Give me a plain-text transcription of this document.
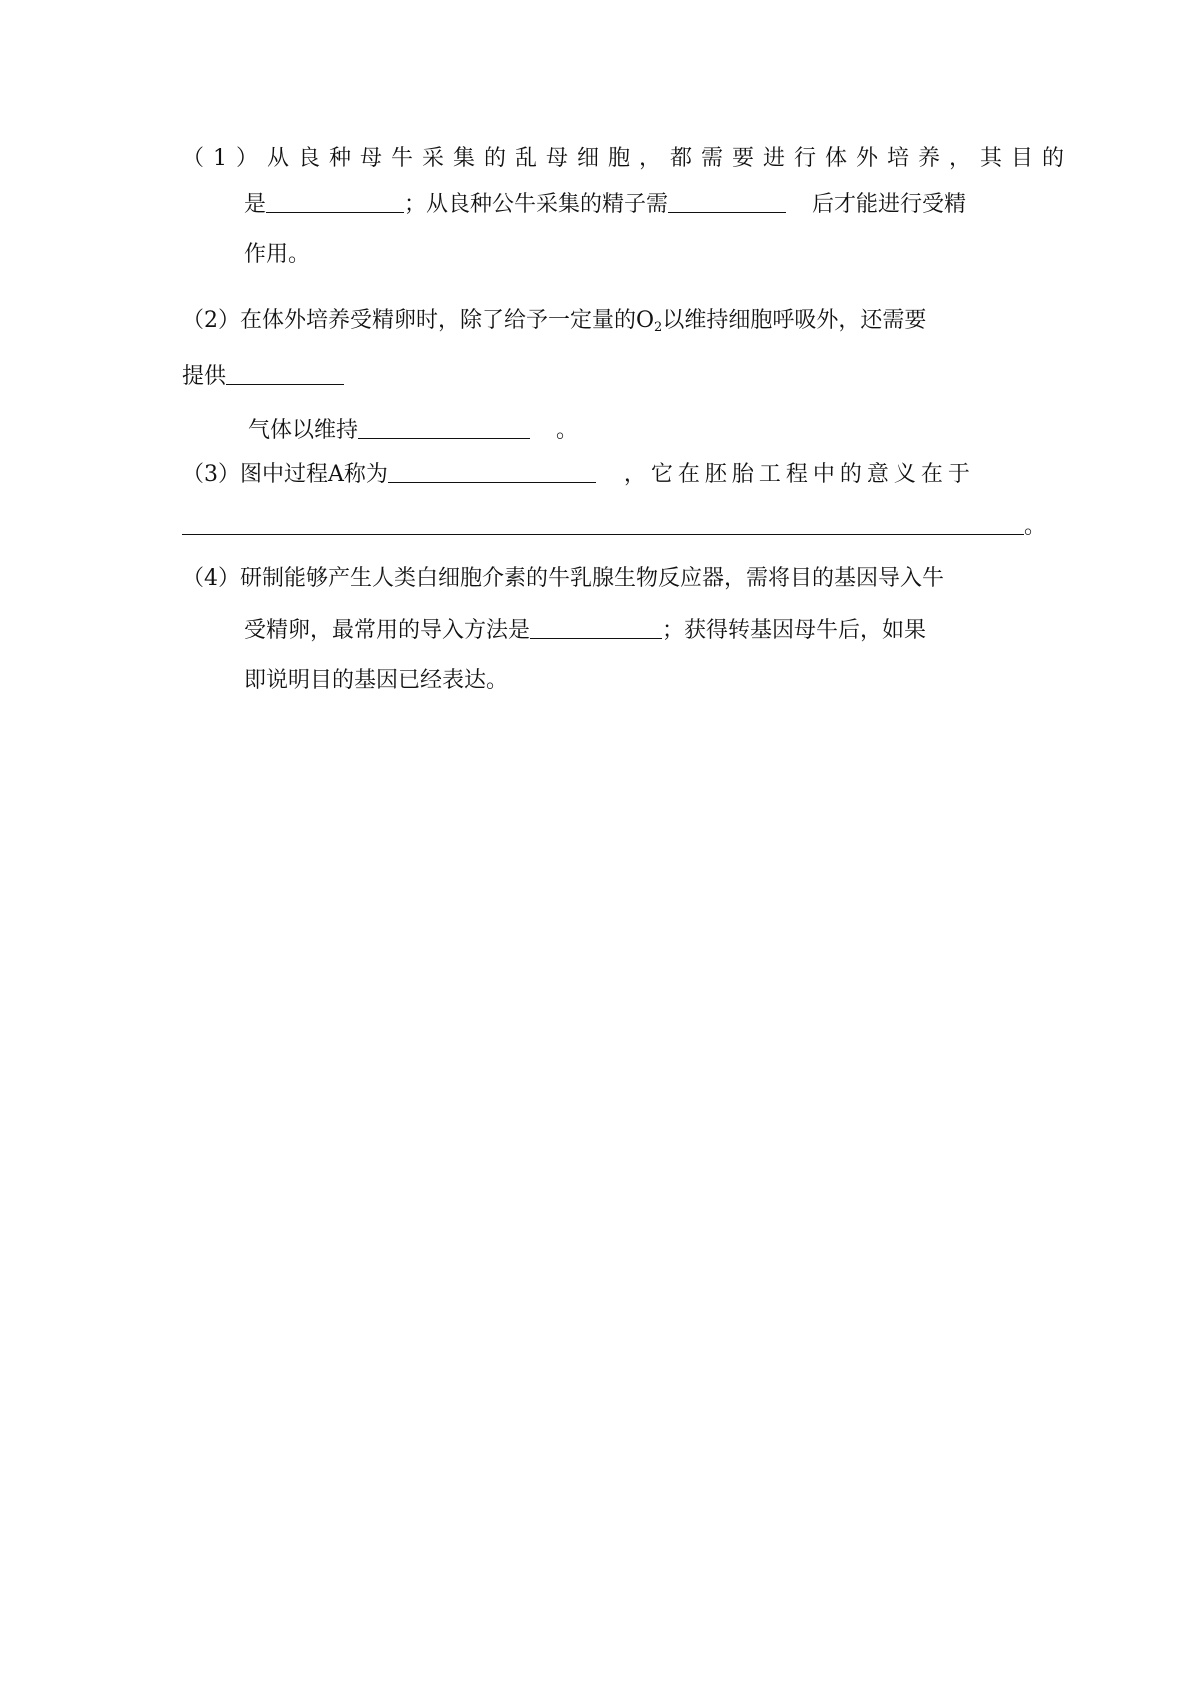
（1）从良种母牛采集的乱母细胞，都需要进行体外培养，其目的
是	；从良种公牛采集的精子需	后才能进行受精
作用。
（2）在体外培养受精卵时，除了给予一定量的$O_2$以维持细胞呼吸外，还需要
提供
气体以维持	。
（3）图中过程A称为	，它在胚胎工程中的意义在于
。
（4）研制能够产生人类白细胞介素的牛乳腺生物反应器，需将目的基因导入牛
受精卵，最常用的导入方法是	；获得转基因母牛后，如果
即说明目的基因已经表达。
